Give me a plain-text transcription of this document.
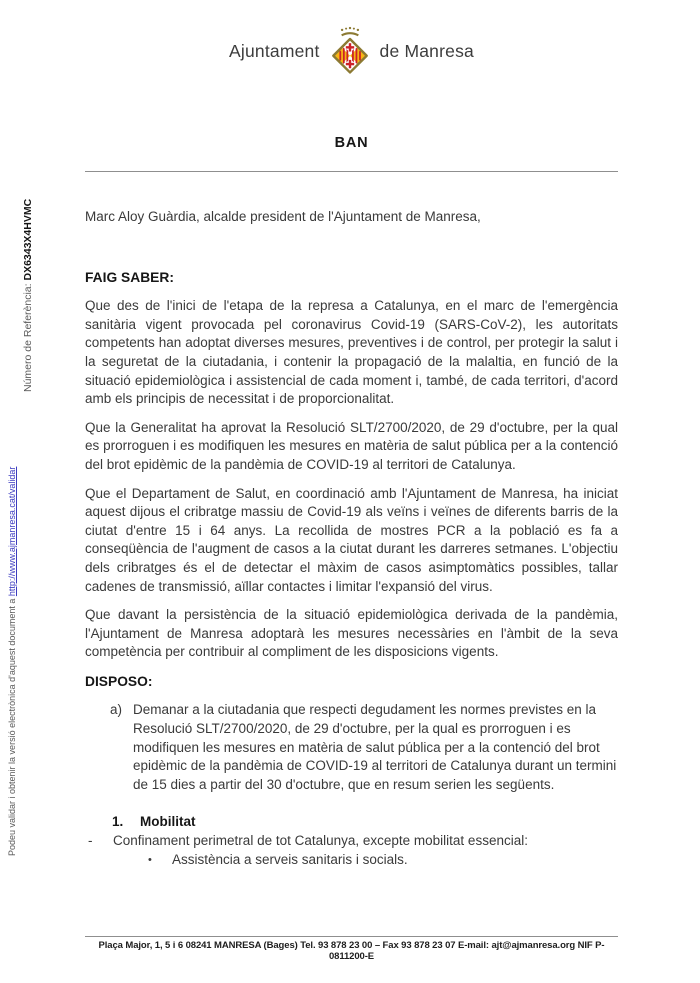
Podeu validar i obtenir la versió electrònica d'aquest document a http://www.ajmanresa.cat/validar
Número de Referència: DX6343X4HVMC
Ajuntament	de Manresa
BAN

Marc Aloy Guàrdia, alcalde president de l'Ajuntament de Manresa,

FAIG SABER:

Que des de l'inici de l'etapa de la represa a Catalunya, en el marc de l'emergència sanitària vigent provocada pel coronavirus Covid-19 (SARS-CoV-2), les autoritats competents han adoptat diverses mesures, preventives i de control, per protegir la salut i la seguretat de la ciutadania, i contenir la propagació de la malaltia, en funció de la situació epidemiològica i assistencial de cada moment i, també, de cada territori, d'acord amb els principis de necessitat i de proporcionalitat.

Que la Generalitat ha aprovat la Resolució SLT/2700/2020, de 29 d'octubre, per la qual es prorroguen i es modifiquen les mesures en matèria de salut pública per a la contenció del brot epidèmic de la pandèmia de COVID-19 al territori de Catalunya.

Que el Departament de Salut, en coordinació amb l'Ajuntament de Manresa, ha iniciat aquest dijous el cribratge massiu de Covid-19 als veïns i veïnes de diferents barris de la ciutat d'entre 15 i 64 anys. La recollida de mostres PCR a la població es fa a conseqüència de l'augment de casos a la ciutat durant les darreres setmanes. L'objectiu dels cribratges és el de detectar el màxim de casos asimptomàtics possibles, tallar cadenes de transmissió, aïllar contactes i limitar l'expansió del virus.

Que davant la persistència de la situació epidemiològica derivada de la pandèmia, l'Ajuntament de Manresa adoptarà les mesures necessàries en l'àmbit de la seva competència per contribuir al compliment de les disposicions vigents.

DISPOSO:

a) Demanar a la ciutadania que respecti degudament les normes previstes en la Resolució SLT/2700/2020, de 29 d'octubre, per la qual es prorroguen i es modifiquen les mesures en matèria de salut pública per a la contenció del brot epidèmic de la pandèmia de COVID-19 al territori de Catalunya durant un termini de 15 dies a partir del 30 d'octubre, que en resum serien les següents.
1.	Mobilitat
-	Confinament perimetral de tot Catalunya, excepte mobilitat essencial:
•	Assistència a serveis sanitaris i socials.
Plaça Major, 1, 5 i 6 08241 MANRESA (Bages) Tel. 93 878 23 00 – Fax 93 878 23 07 E-mail: ajt@ajmanresa.org NIF P-0811200-E
